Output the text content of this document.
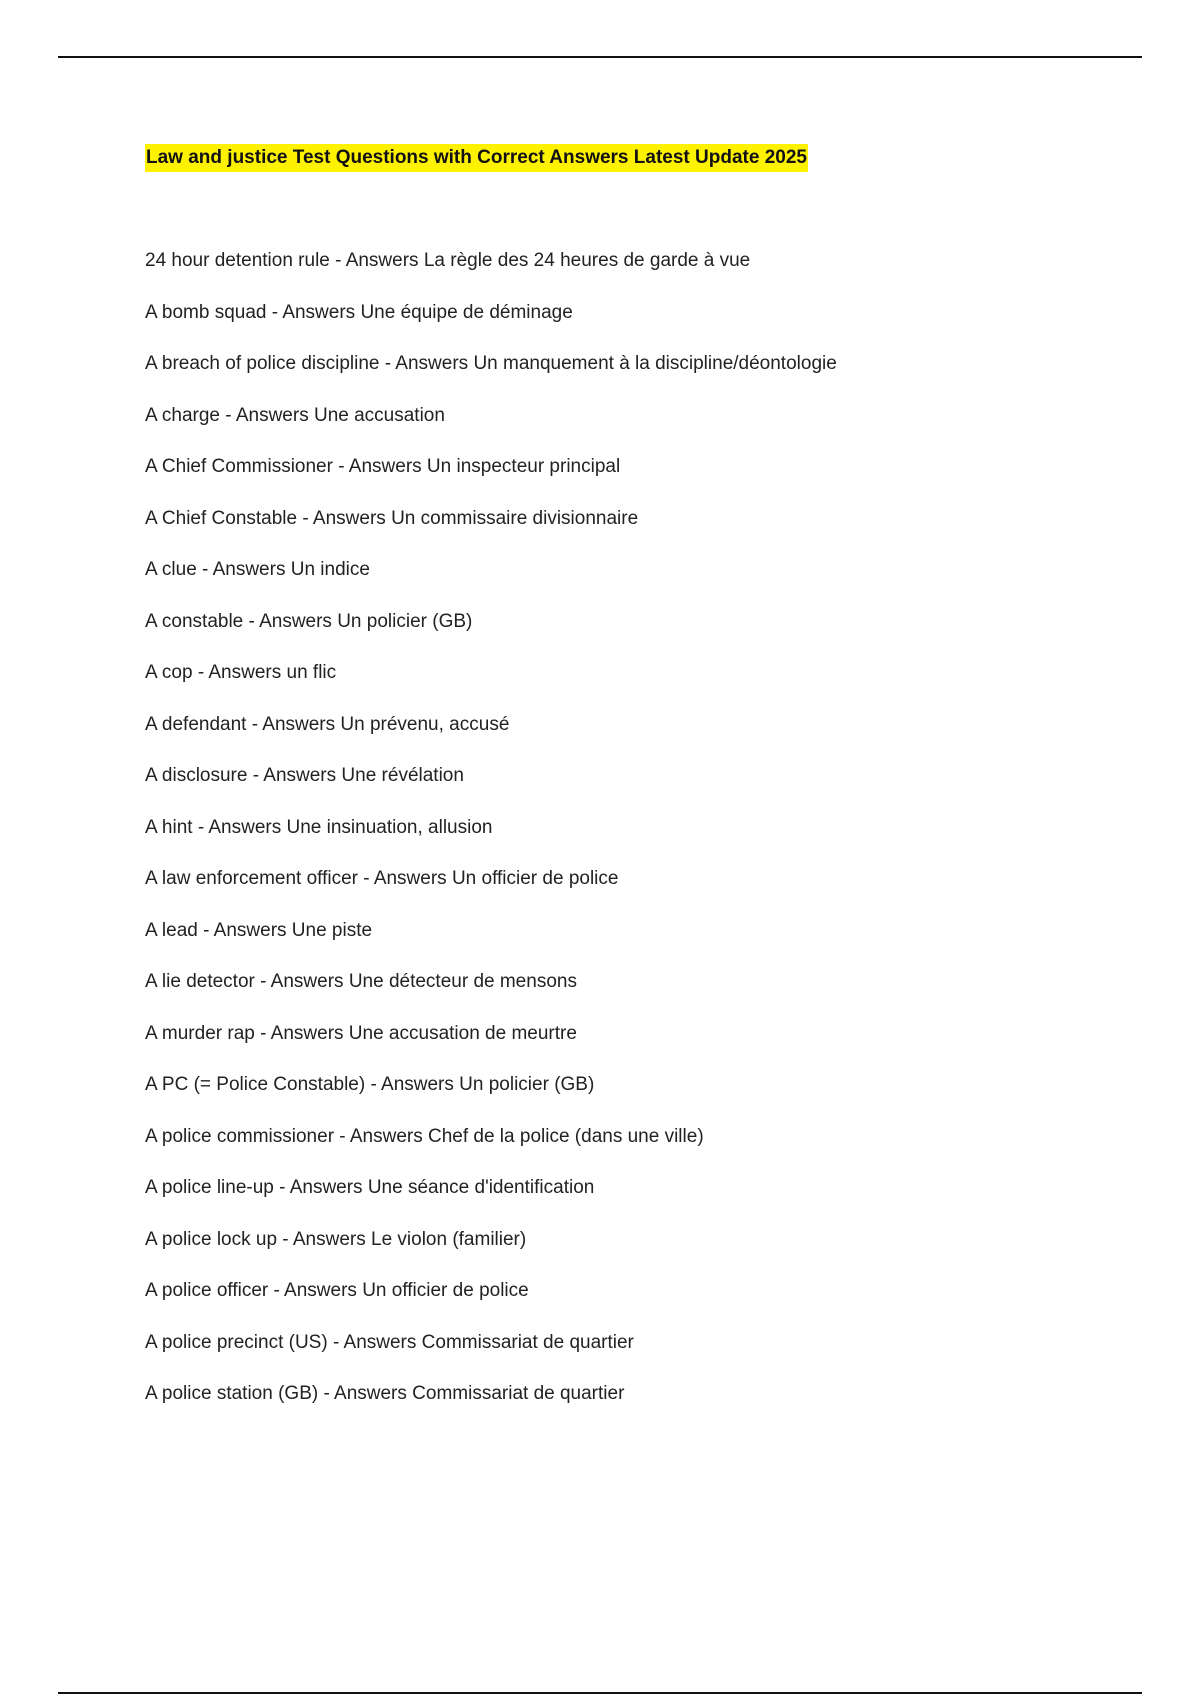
Law and justice Test Questions with Correct Answers Latest Update 2025
24 hour detention rule - Answers La règle des 24 heures de garde à vue
A bomb squad - Answers Une équipe de déminage
A breach of police discipline - Answers Un manquement à la discipline/déontologie
A charge - Answers Une accusation
A Chief Commissioner - Answers Un inspecteur principal
A Chief Constable - Answers Un commissaire divisionnaire
A clue - Answers Un indice
A constable - Answers Un policier (GB)
A cop - Answers un flic
A defendant - Answers Un prévenu, accusé
A disclosure - Answers Une révélation
A hint - Answers Une insinuation, allusion
A law enforcement officer - Answers Un officier de police
A lead - Answers Une piste
A lie detector - Answers Une détecteur de mensons
A murder rap - Answers Une accusation de meurtre
A PC (= Police Constable) - Answers Un policier (GB)
A police commissioner - Answers Chef de la police (dans une ville)
A police line-up - Answers Une séance d'identification
A police lock up - Answers Le violon (familier)
A police officer - Answers Un officier de police
A police precinct (US) - Answers Commissariat de quartier
A police station (GB) - Answers Commissariat de quartier
